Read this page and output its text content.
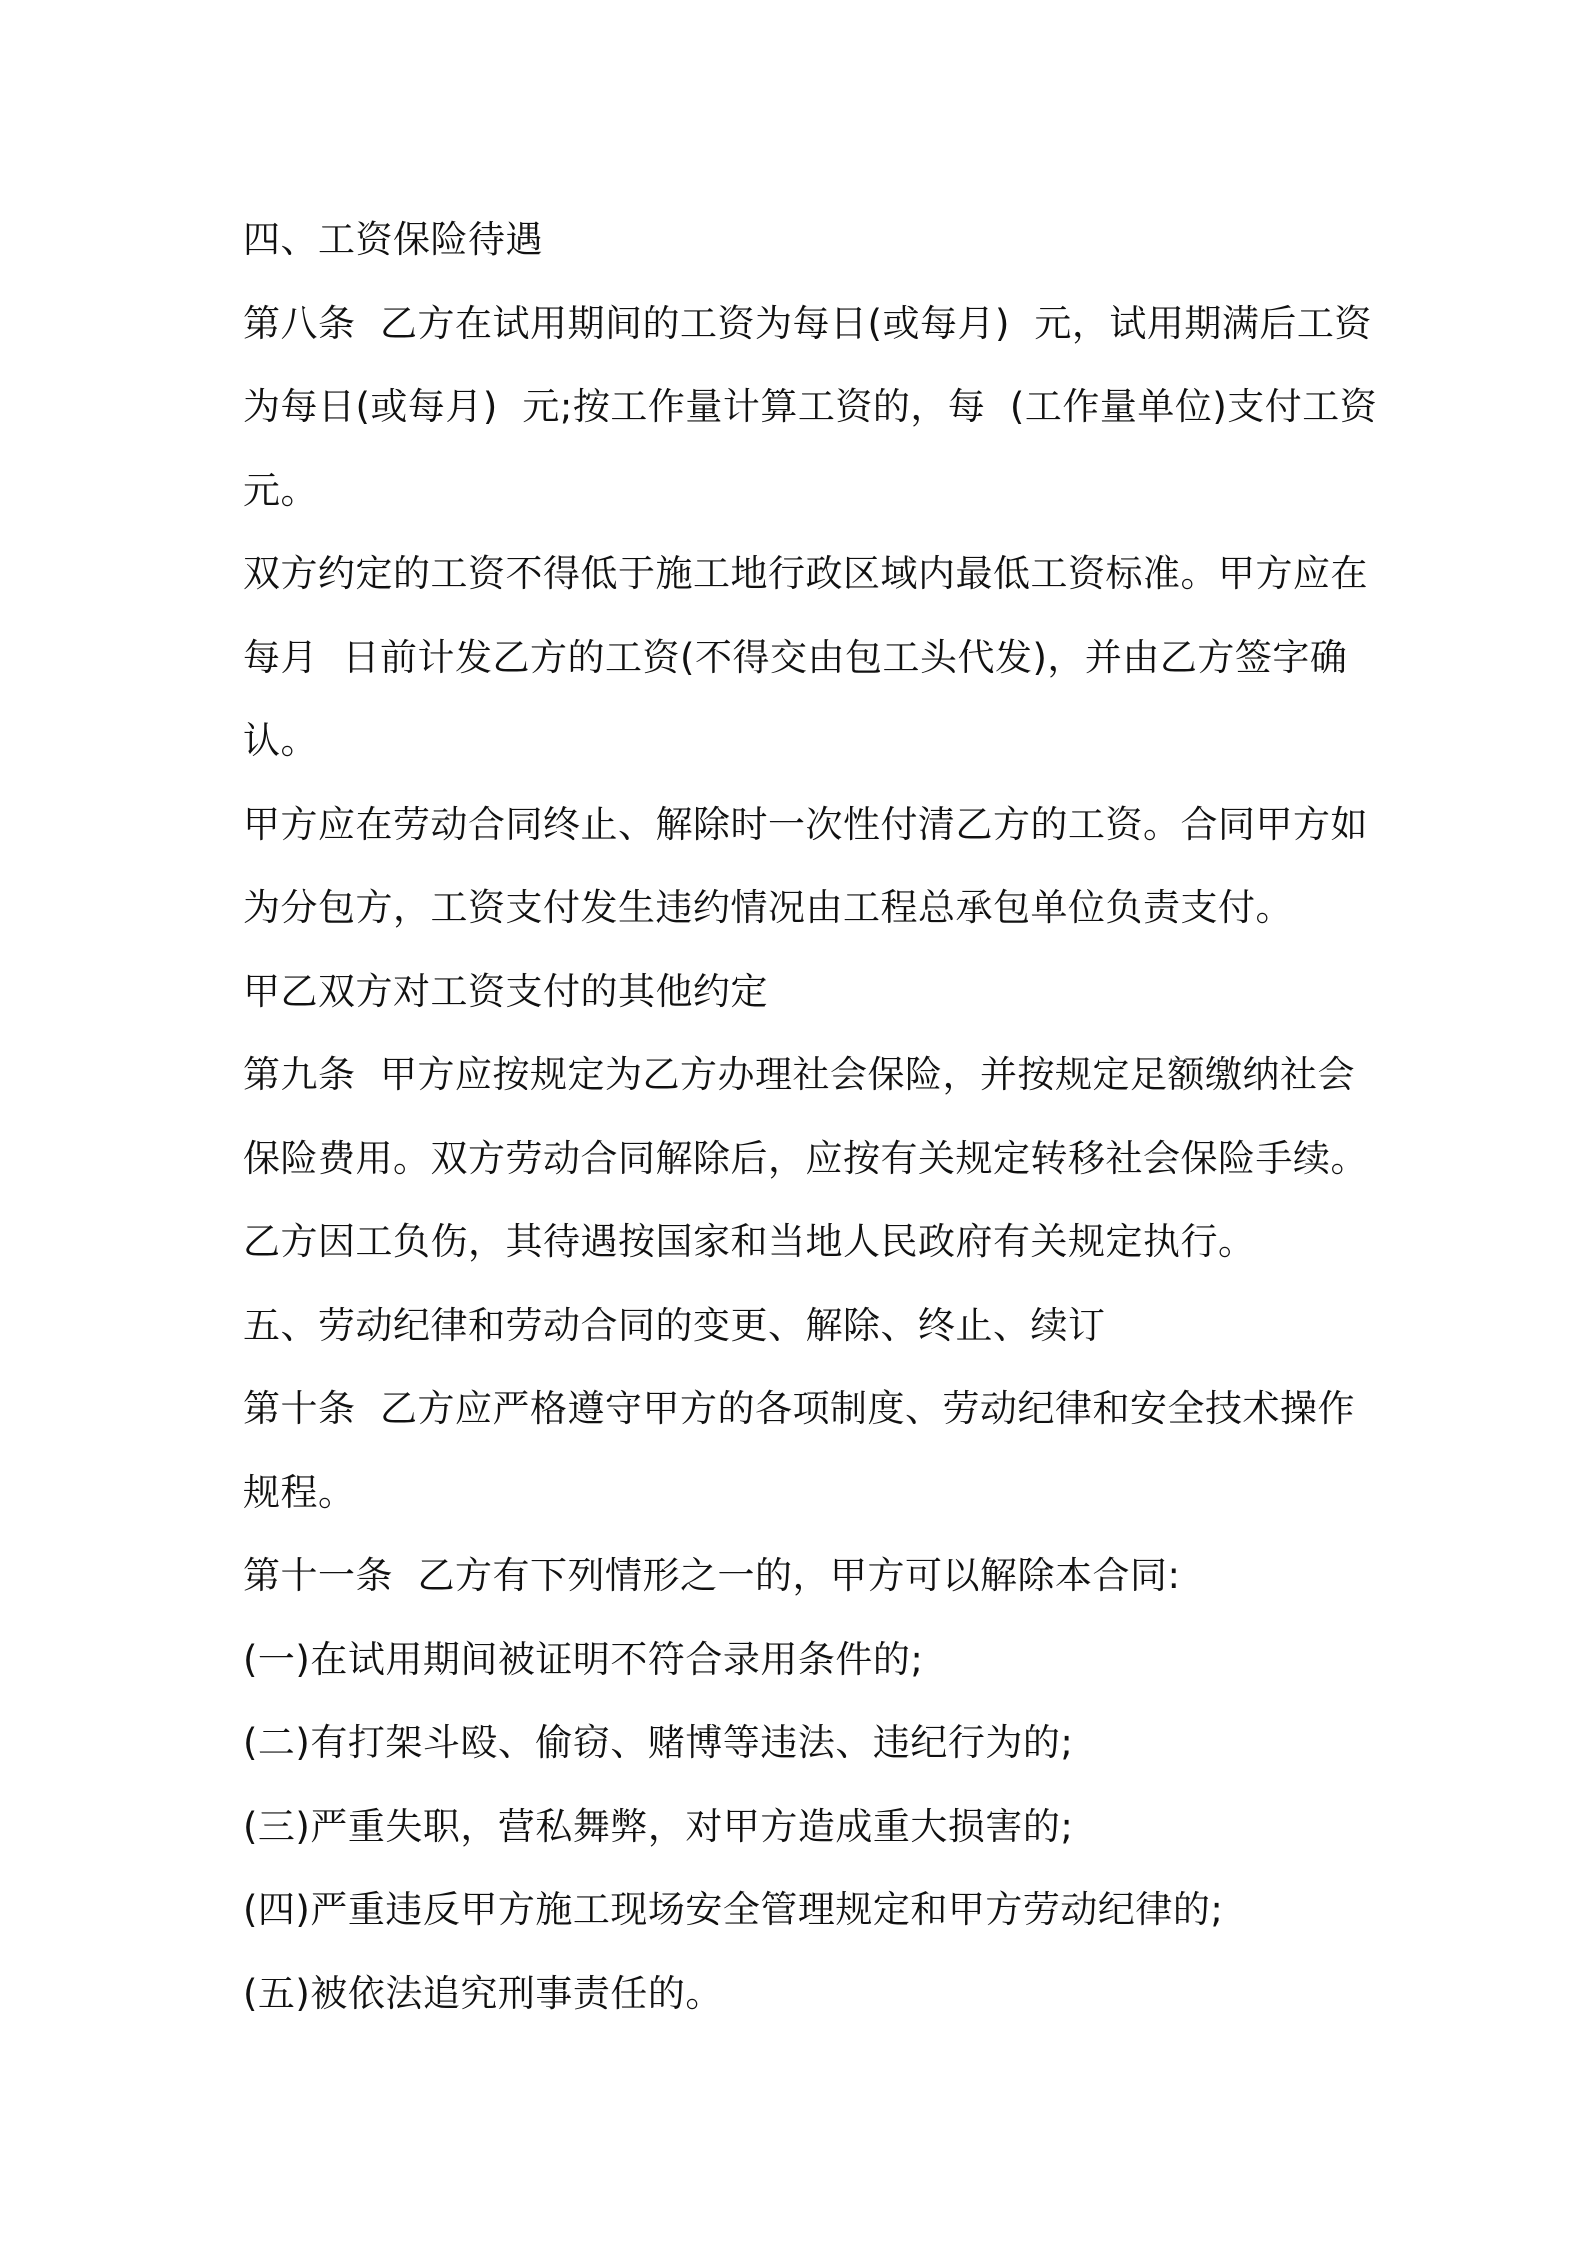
四、工资保险待遇
第八条  乙方在试用期间的工资为每日(或每月)  元，试用期满后工资
为每日(或每月)  元;按工作量计算工资的，每  (工作量单位)支付工资
元。
双方约定的工资不得低于施工地行政区域内最低工资标准。甲方应在
每月  日前计发乙方的工资(不得交由包工头代发)，并由乙方签字确
认。
甲方应在劳动合同终止、解除时一次性付清乙方的工资。合同甲方如
为分包方，工资支付发生违约情况由工程总承包单位负责支付。
甲乙双方对工资支付的其他约定
第九条  甲方应按规定为乙方办理社会保险，并按规定足额缴纳社会
保险费用。双方劳动合同解除后，应按有关规定转移社会保险手续。
乙方因工负伤，其待遇按国家和当地人民政府有关规定执行。
五、劳动纪律和劳动合同的变更、解除、终止、续订
第十条  乙方应严格遵守甲方的各项制度、劳动纪律和安全技术操作
规程。
第十一条  乙方有下列情形之一的，甲方可以解除本合同:
(一)在试用期间被证明不符合录用条件的;
(二)有打架斗殴、偷窃、赌博等违法、违纪行为的;
(三)严重失职，营私舞弊，对甲方造成重大损害的;
(四)严重违反甲方施工现场安全管理规定和甲方劳动纪律的;
(五)被依法追究刑事责任的。
